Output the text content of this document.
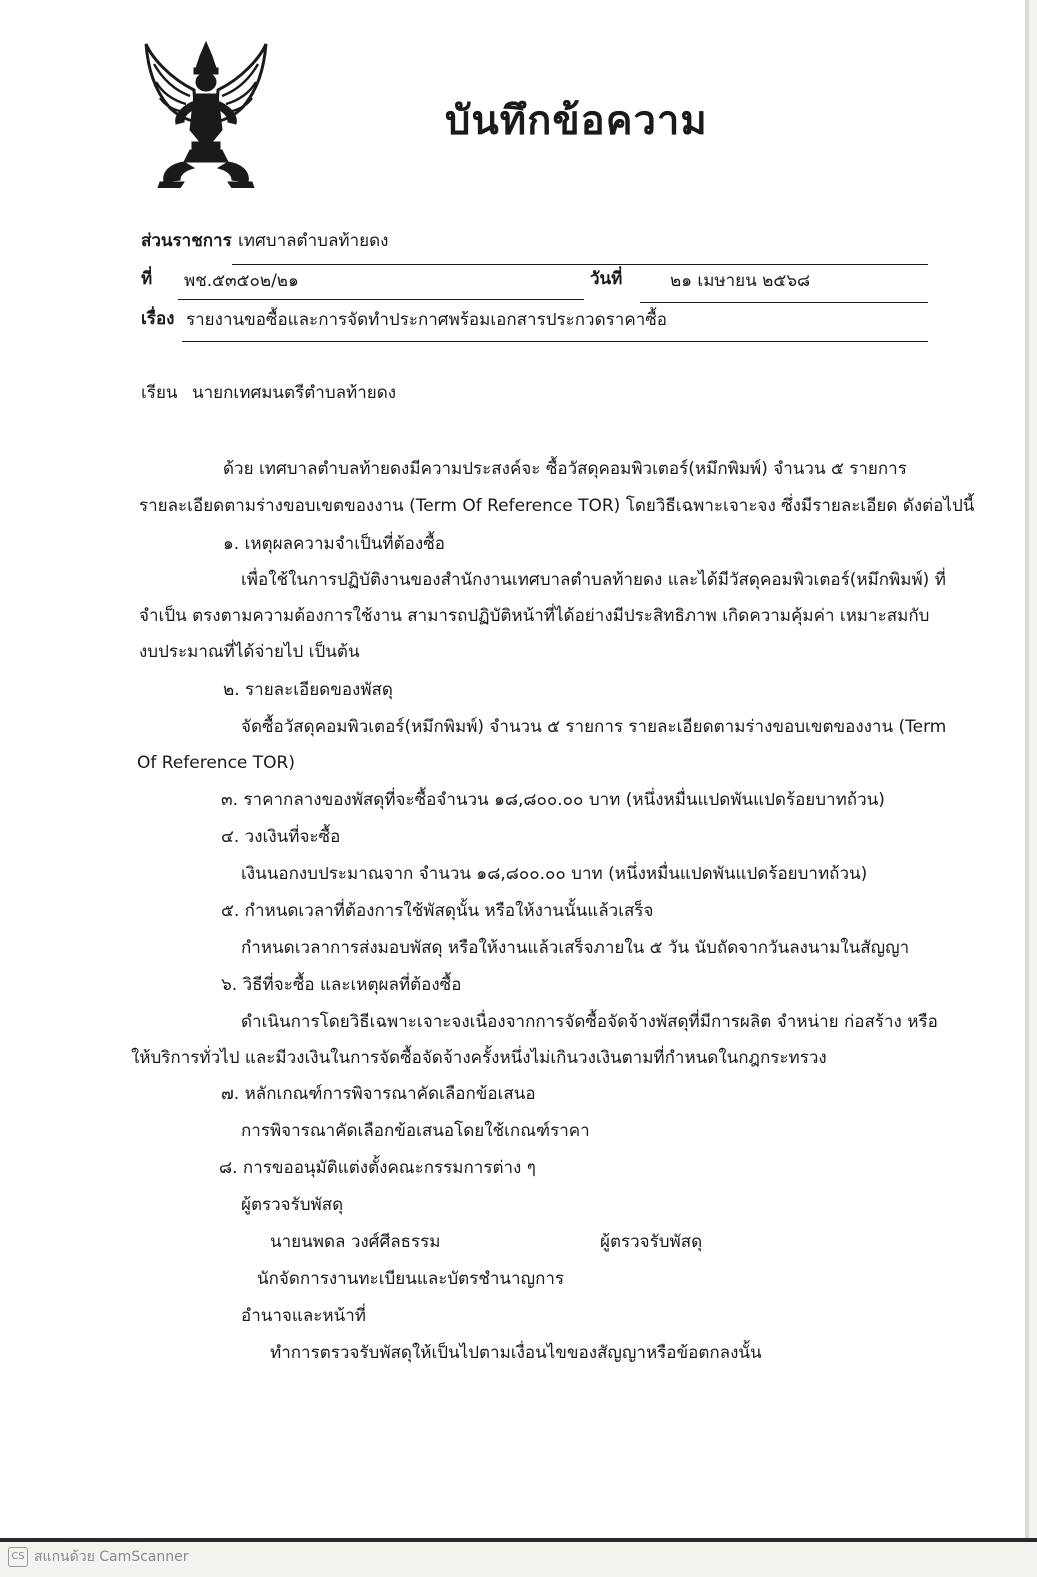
บันทึกข้อความ
ส่วนราชการ เทศบาลตำบลท้ายดง
ที่ พช.๕๓๕๐๒/๒๑	วันที่	๒๑ เมษายน ๒๕๖๘
เรื่อง รายงานขอซื้อและการจัดทำประกาศพร้อมเอกสารประกวดราคาซื้อ
เรียน นายกเทศมนตรีตำบลท้ายดง
ด้วย เทศบาลตำบลท้ายดงมีความประสงค์จะ ซื้อวัสดุคอมพิวเตอร์(หมึกพิมพ์) จำนวน ๕ รายการ
รายละเอียดตามร่างขอบเขตของงาน (Term Of Reference TOR) โดยวิธีเฉพาะเจาะจง ซึ่งมีรายละเอียด ดังต่อไปนี้
๑. เหตุผลความจำเป็นที่ต้องซื้อ
เพื่อใช้ในการปฏิบัติงานของสำนักงานเทศบาลตำบลท้ายดง และได้มีวัสดุคอมพิวเตอร์(หมึกพิมพ์) ที่
จำเป็น ตรงตามความต้องการใช้งาน สามารถปฏิบัติหน้าที่ได้อย่างมีประสิทธิภาพ เกิดความคุ้มค่า เหมาะสมกับ
งบประมาณที่ได้จ่ายไป เป็นต้น
๒. รายละเอียดของพัสดุ
จัดซื้อวัสดุคอมพิวเตอร์(หมึกพิมพ์) จำนวน ๕ รายการ รายละเอียดตามร่างขอบเขตของงาน (Term
Of Reference TOR)
๓. ราคากลางของพัสดุที่จะซื้อจำนวน ๑๘,๘๐๐.๐๐ บาท (หนึ่งหมื่นแปดพันแปดร้อยบาทถ้วน)
๔. วงเงินที่จะซื้อ
เงินนอกงบประมาณจาก จำนวน ๑๘,๘๐๐.๐๐ บาท (หนึ่งหมื่นแปดพันแปดร้อยบาทถ้วน)
๕. กำหนดเวลาที่ต้องการใช้พัสดุนั้น หรือให้งานนั้นแล้วเสร็จ
กำหนดเวลาการส่งมอบพัสดุ หรือให้งานแล้วเสร็จภายใน ๕ วัน นับถัดจากวันลงนามในสัญญา
๖. วิธีที่จะซื้อ และเหตุผลที่ต้องซื้อ
ดำเนินการโดยวิธีเฉพาะเจาะจงเนื่องจากการจัดซื้อจัดจ้างพัสดุที่มีการผลิต จำหน่าย ก่อสร้าง หรือ
ให้บริการทั่วไป และมีวงเงินในการจัดซื้อจัดจ้างครั้งหนึ่งไม่เกินวงเงินตามที่กำหนดในกฎกระทรวง
๗. หลักเกณฑ์การพิจารณาคัดเลือกข้อเสนอ
การพิจารณาคัดเลือกข้อเสนอโดยใช้เกณฑ์ราคา
๘. การขออนุมัติแต่งตั้งคณะกรรมการต่าง ๆ
ผู้ตรวจรับพัสดุ
นายนพดล วงศ์ศีลธรรม	ผู้ตรวจรับพัสดุ
นักจัดการงานทะเบียนและบัตรชำนาญการ
อำนาจและหน้าที่
ทำการตรวจรับพัสดุให้เป็นไปตามเงื่อนไขของสัญญาหรือข้อตกลงนั้น
CS สแกนด้วย CamScanner
